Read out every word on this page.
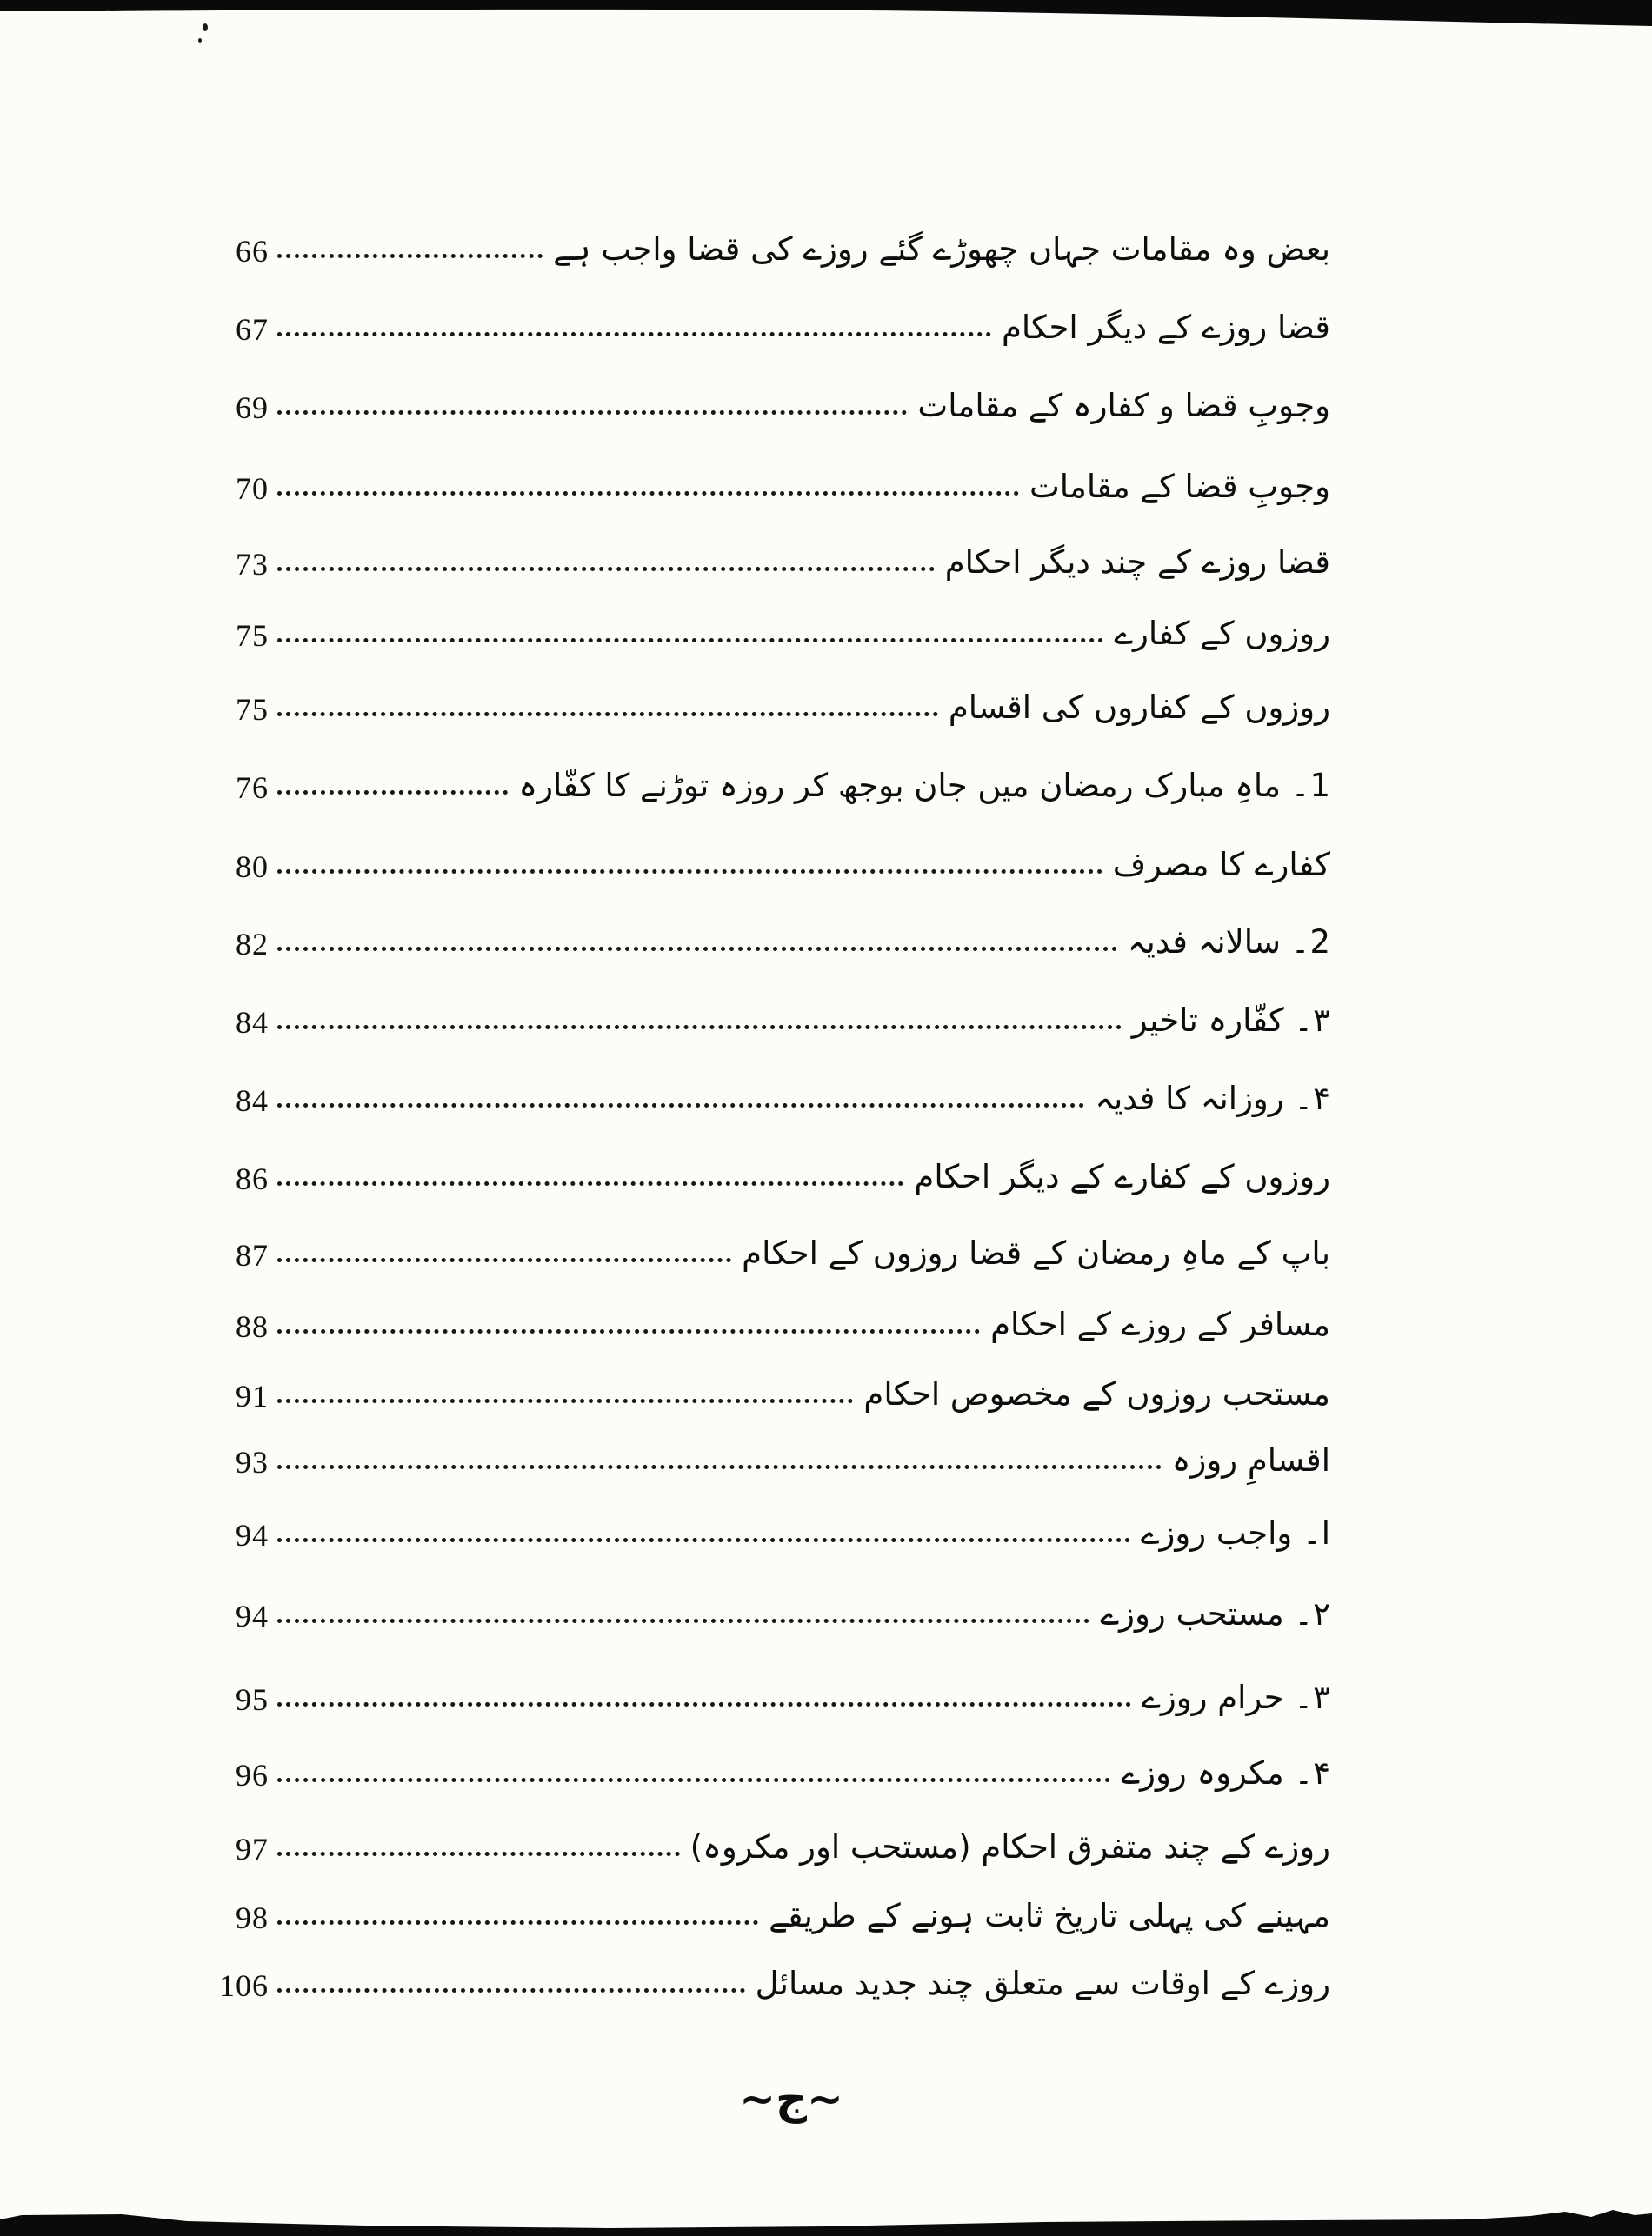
66	بعض وہ مقامات جہاں چھوڑے گئے روزے کی قضا واجب ہے
67	قضا روزے کے دیگر احکام
69	وجوبِ قضا و کفارہ کے مقامات
70	وجوبِ قضا کے مقامات
73	قضا روزے کے چند دیگر احکام
75	روزوں کے کفارے
75	روزوں کے کفاروں کی اقسام
76	1۔ ماہِ مبارک رمضان میں جان بوجھ کر روزہ توڑنے کا کفّارہ
80	کفارے کا مصرف
82	2۔ سالانہ فدیہ
84	۳۔ کفّارہ تاخیر
84	۴۔ روزانہ کا فدیہ
86	روزوں کے کفارے کے دیگر احکام
87	باپ کے ماہِ رمضان کے قضا روزوں کے احکام
88	مسافر کے روزے کے احکام
91	مستحب روزوں کے مخصوص احکام
93	اقسامِ روزہ
94	ا۔ واجب روزے
94	۲۔ مستحب روزے
95	۳۔ حرام روزے
96	۴۔ مکروہ روزے
97	روزے کے چند متفرق احکام (مستحب اور مکروہ)
98	مہینے کی پہلی تاریخ ثابت ہونے کے طریقے
106	روزے کے اوقات سے متعلق چند جدید مسائل
~ج~
